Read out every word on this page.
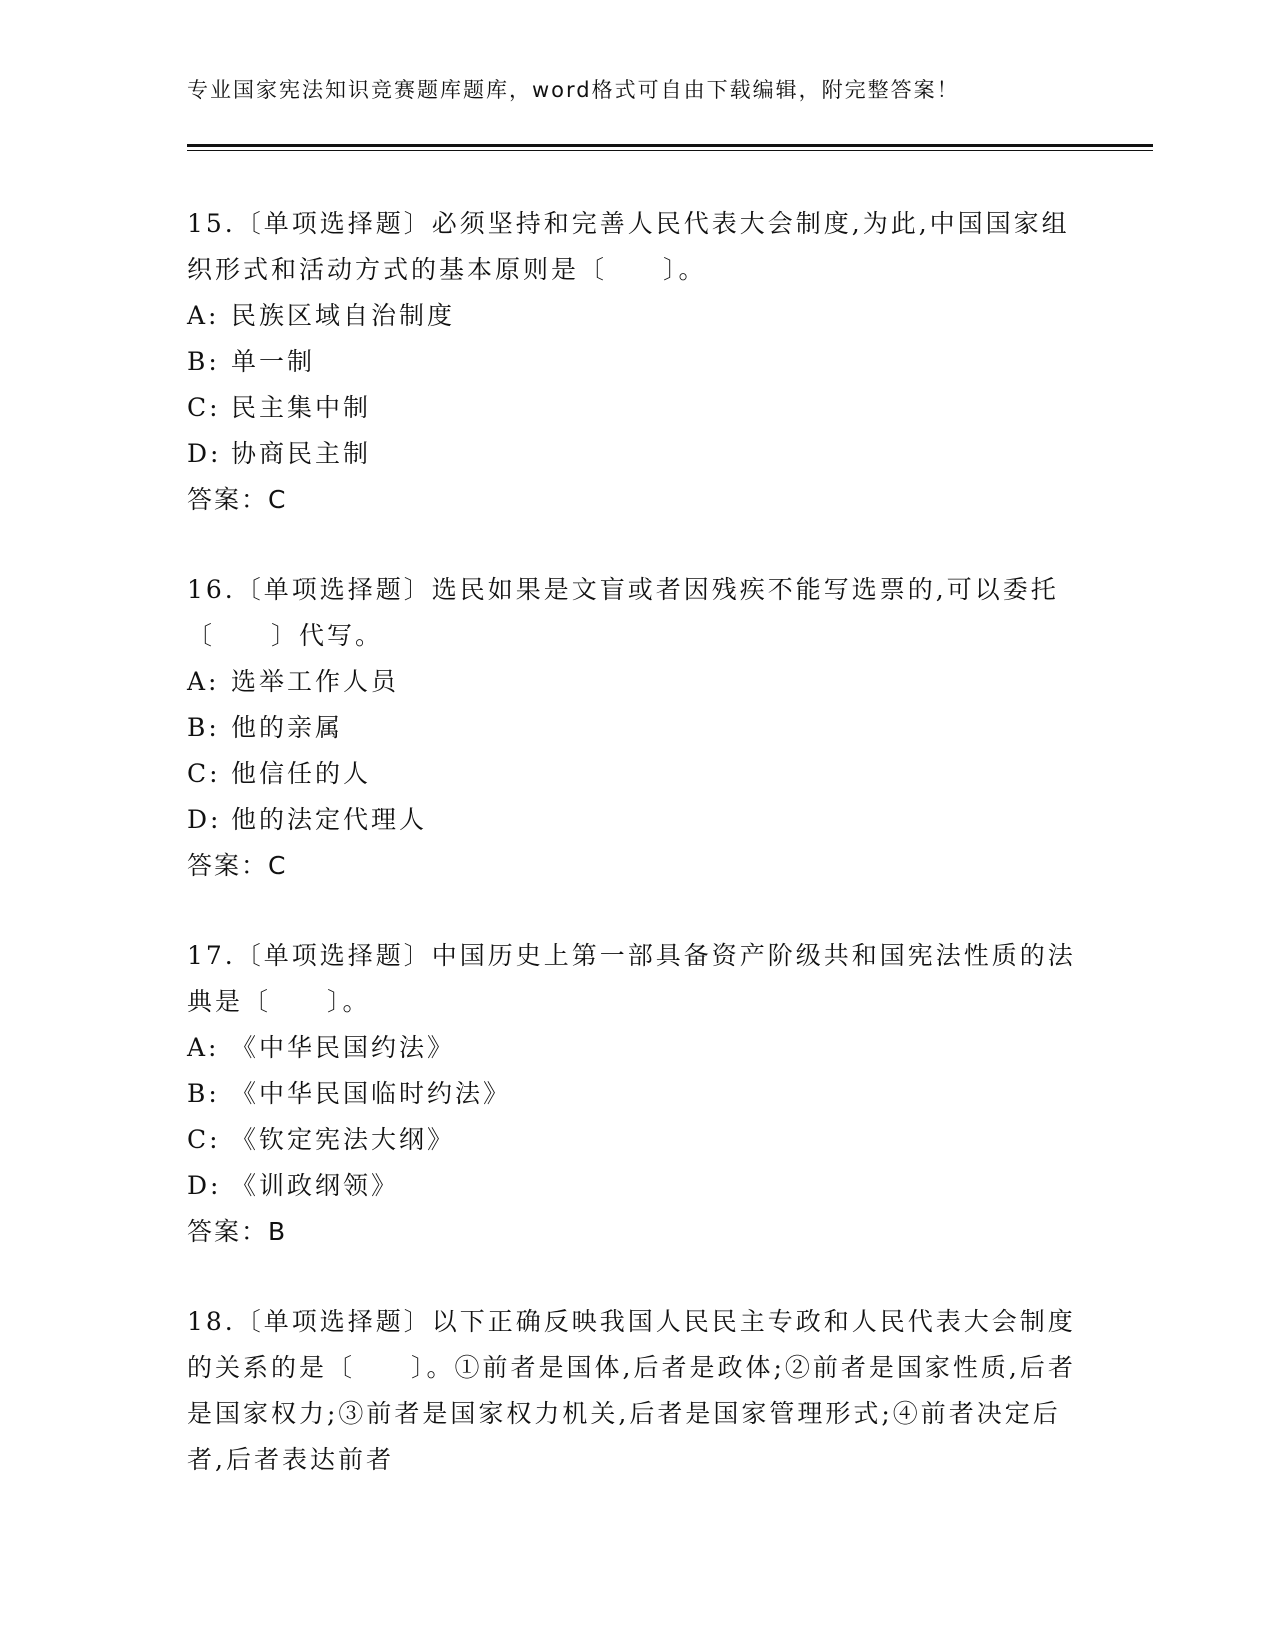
专业国家宪法知识竞赛题库题库，word格式可自由下载编辑，附完整答案！

15.〔单项选择题〕必须坚持和完善人民代表大会制度,为此,中国国家组织形式和活动方式的基本原则是〔　　〕。

A: 民族区域自治制度

B: 单一制

C: 民主集中制

D: 协商民主制

答案：C

16.〔单项选择题〕选民如果是文盲或者因残疾不能写选票的,可以委托〔　　〕代写。

A: 选举工作人员

B: 他的亲属

C: 他信任的人

D: 他的法定代理人

答案：C

17.〔单项选择题〕中国历史上第一部具备资产阶级共和国宪法性质的法典是〔　　〕。

A: 《中华民国约法》

B: 《中华民国临时约法》

C: 《钦定宪法大纲》

D: 《训政纲领》

答案：B

18.〔单项选择题〕以下正确反映我国人民民主专政和人民代表大会制度的关系的是〔　　〕。①前者是国体,后者是政体;②前者是国家性质,后者是国家权力;③前者是国家权力机关,后者是国家管理形式;④前者决定后者,后者表达前者
